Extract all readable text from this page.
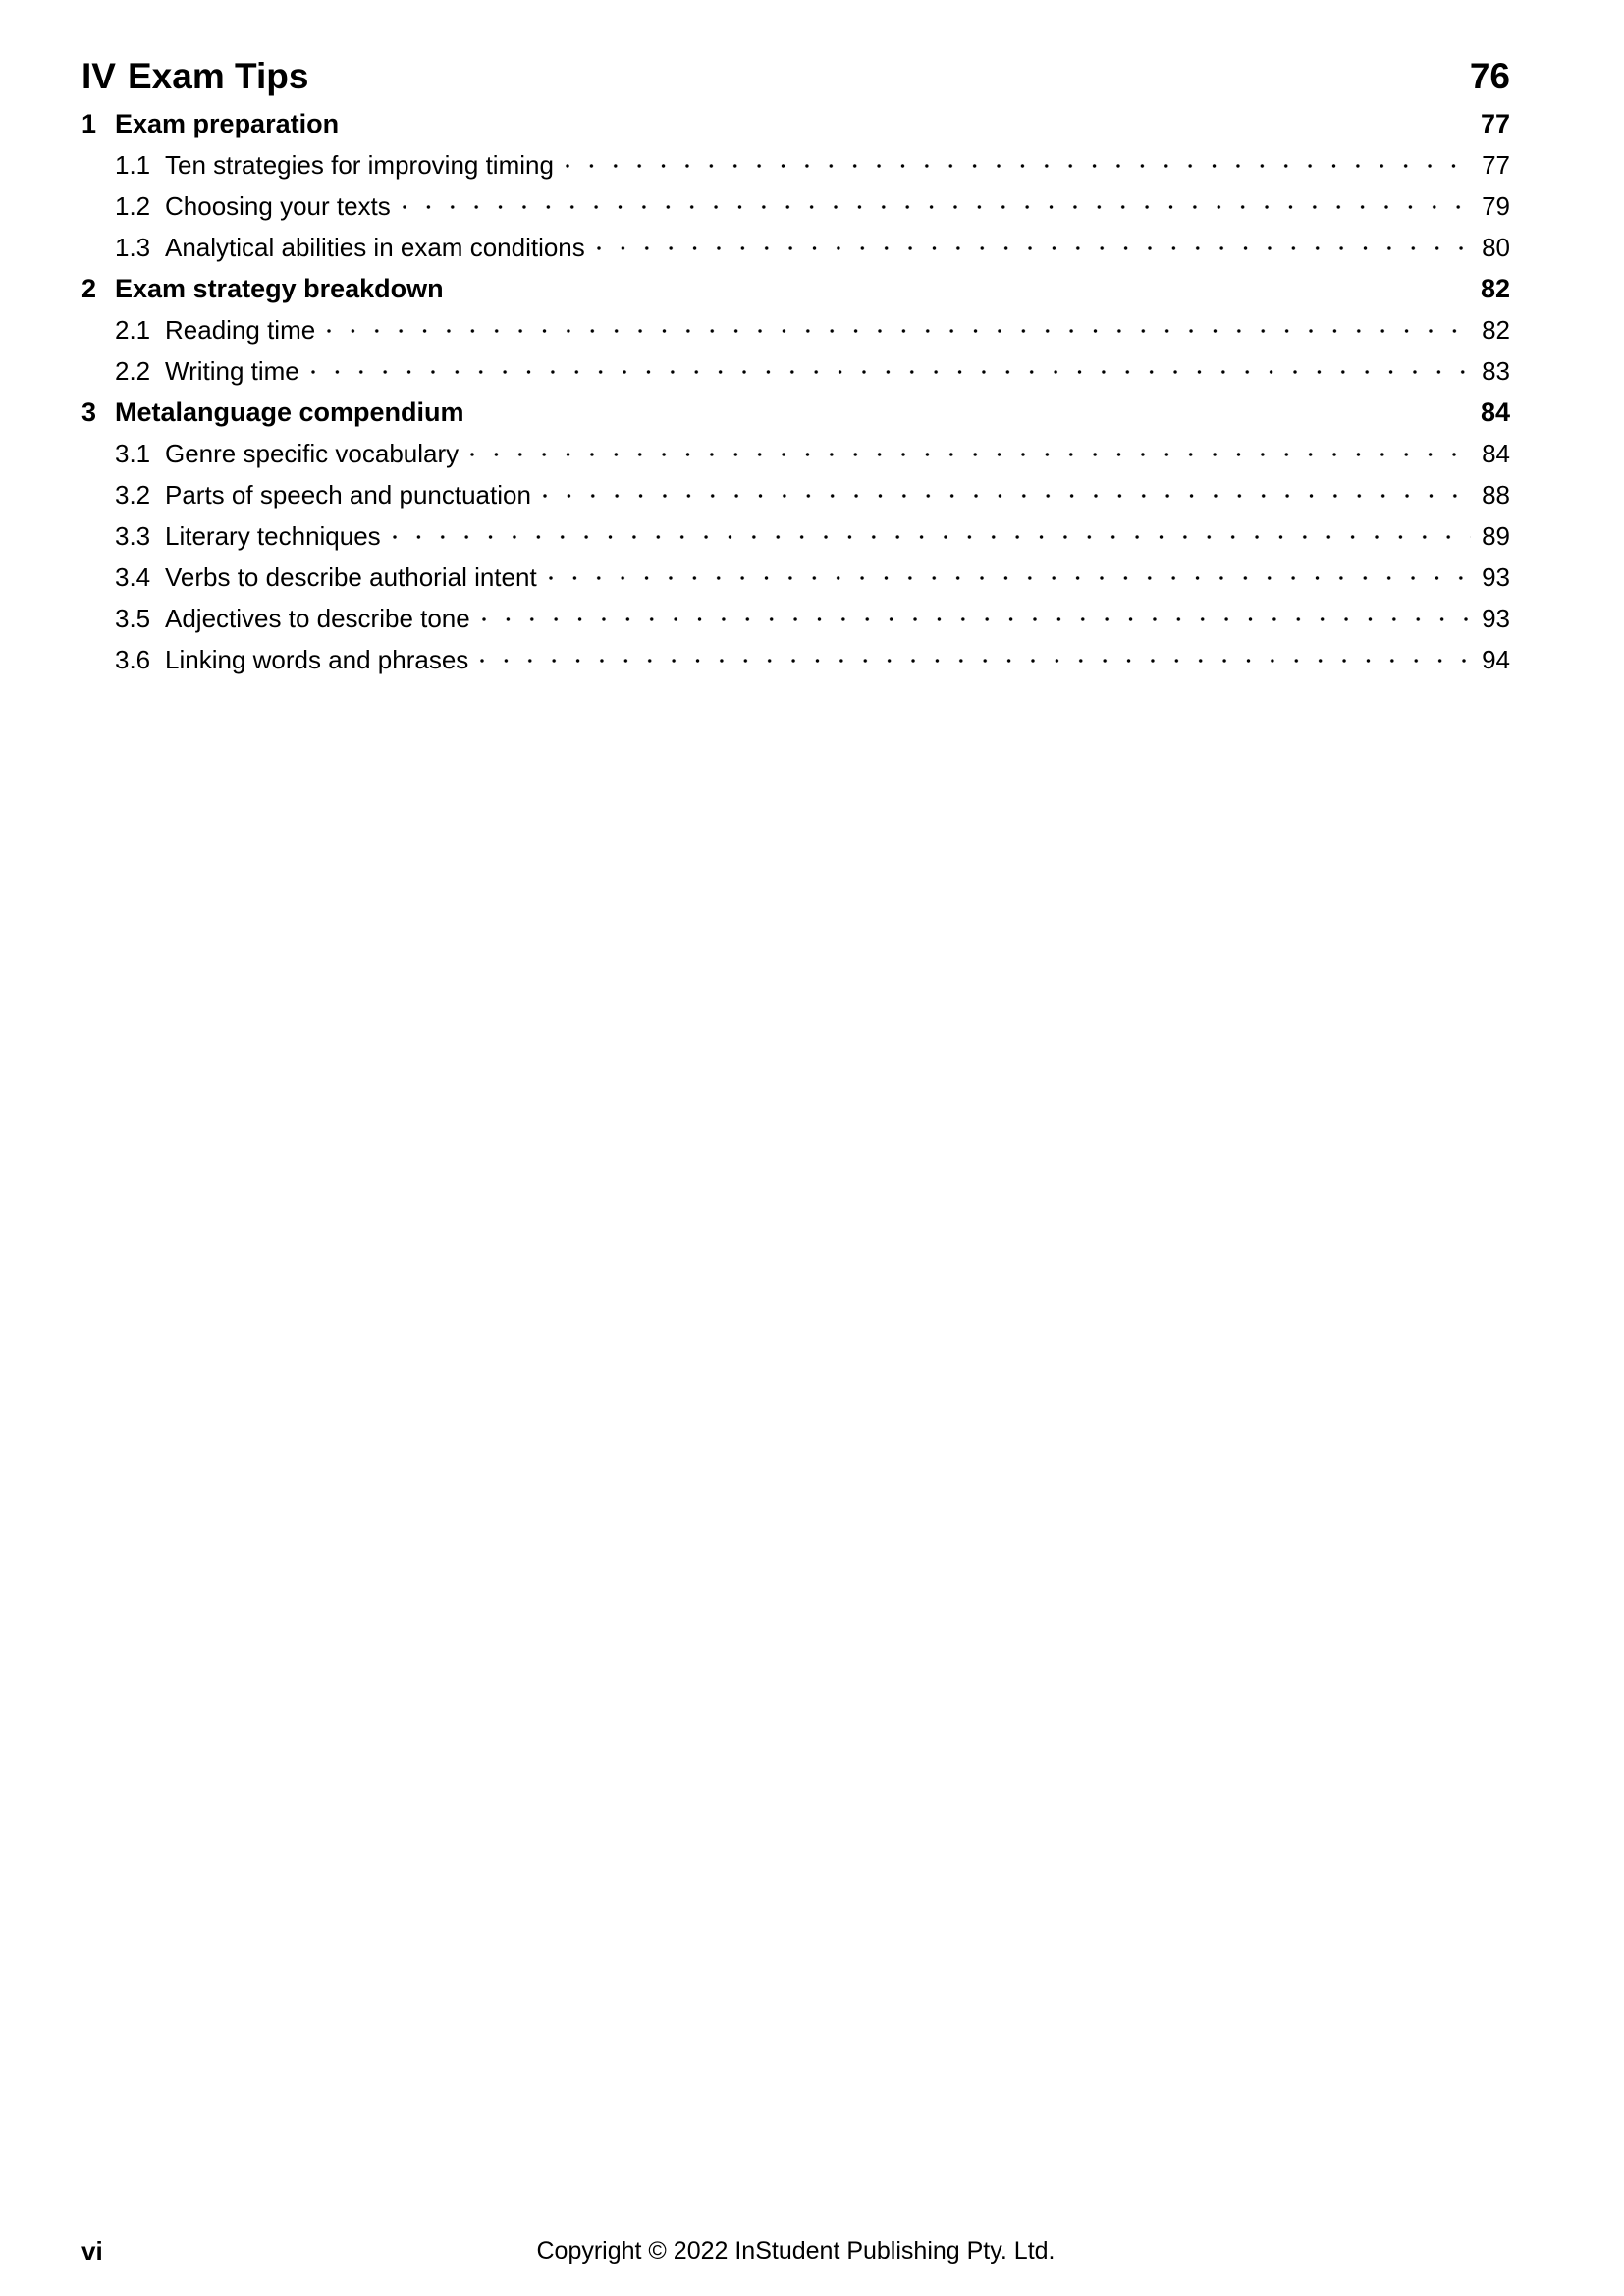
IV Exam Tips	76
1 Exam preparation	77
1.1 Ten strategies for improving timing	77
1.2 Choosing your texts	79
1.3 Analytical abilities in exam conditions	80
2 Exam strategy breakdown	82
2.1 Reading time	82
2.2 Writing time	83
3 Metalanguage compendium	84
3.1 Genre specific vocabulary	84
3.2 Parts of speech and punctuation	88
3.3 Literary techniques	89
3.4 Verbs to describe authorial intent	93
3.5 Adjectives to describe tone	93
3.6 Linking words and phrases	94
vi	Copyright © 2022 InStudent Publishing Pty. Ltd.
